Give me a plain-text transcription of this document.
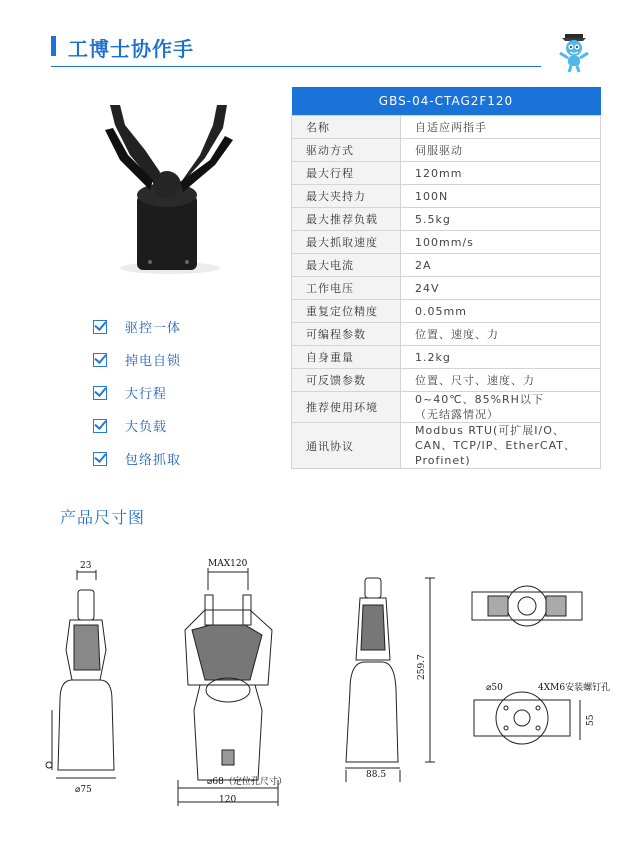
工博士协作手
驱控一体
掉电自锁
大行程
大负载
包络抓取
GBS-04-CTAG2F120	
名称	自适应两指手
驱动方式	伺服驱动
最大行程	120mm
最大夹持力	100N
最大推荐负载	5.5kg
最大抓取速度	100mm/s
最大电流	2A
工作电压	24V
重复定位精度	0.05mm
可编程参数	位置、速度、力
自身重量	1.2kg
可反馈参数	位置、尺寸、速度、力
推荐使用环境	0~40℃、85%RH以下
（无结露情况）
通讯协议	Modbus RTU(可扩展I/O、
CAN、TCP/IP、EtherCAT、
Profinet)
产品尺寸图
23
⌀75
MAX120
⌀68（定位孔尺寸）
120
259.7
88.5
⌀50	4XM6安装螺钉孔
55
